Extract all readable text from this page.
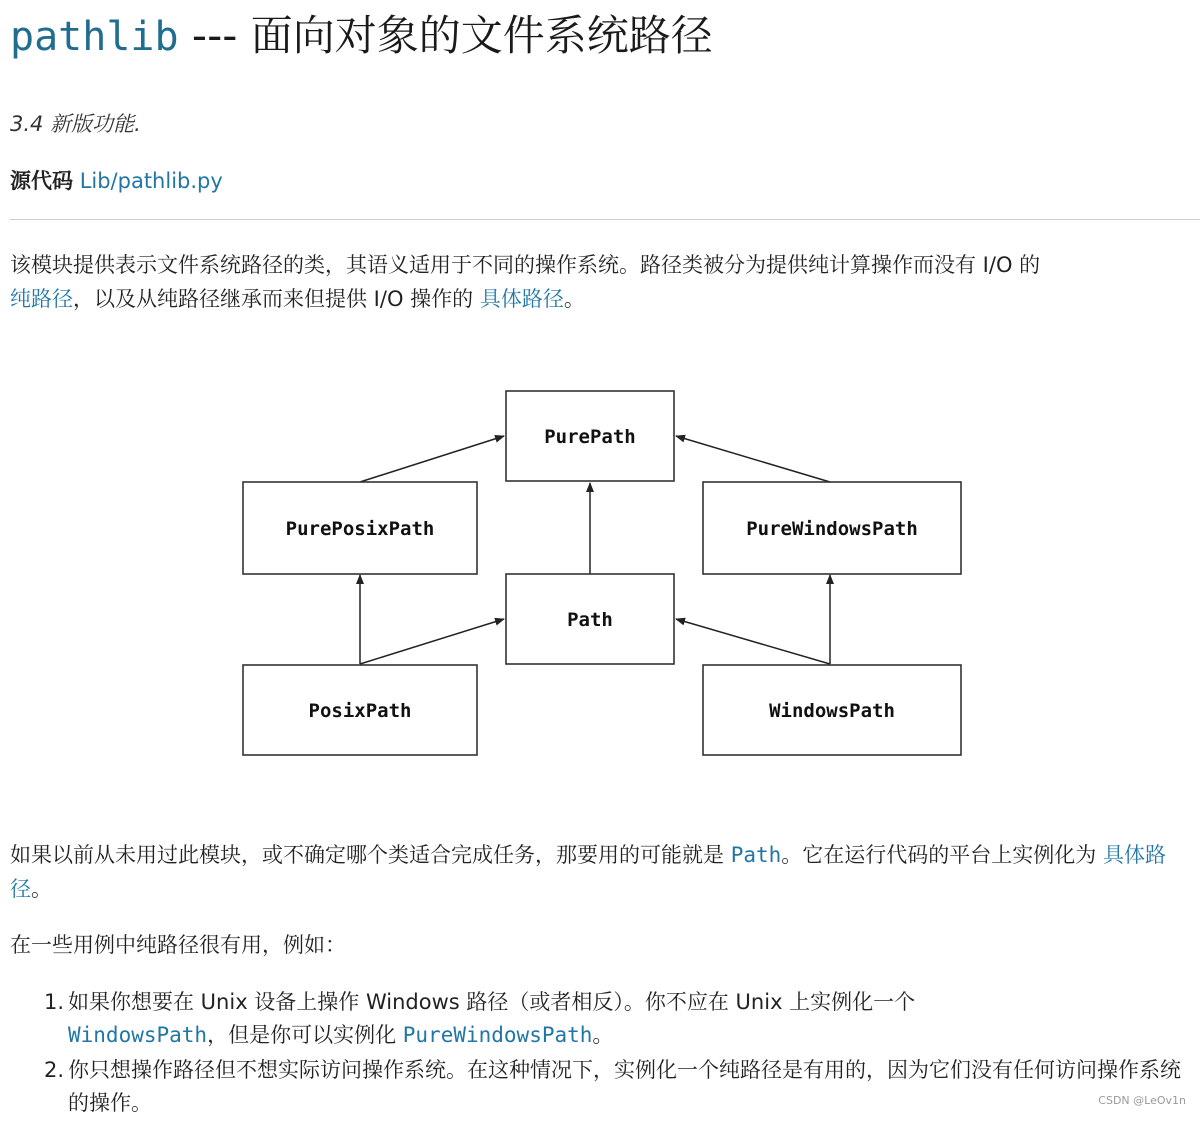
pathlib --- 面向对象的文件系统路径
3.4 新版功能.
源代码 Lib/pathlib.py

该模块提供表示文件系统路径的类，其语义适用于不同的操作系统。路径类被分为提供纯计算操作而没有 I/O 的
纯路径，以及从纯路径继承而来但提供 I/O 操作的 具体路径。

PurePath
PurePosixPath	PureWindowsPath
Path
PosixPath	WindowsPath

如果以前从未用过此模块，或不确定哪个类适合完成任务，那要用的可能就是 Path。它在运行代码的平台上实例化为 具体路径。

在一些用例中纯路径很有用，例如：

1. 如果你想要在 Unix 设备上操作 Windows 路径（或者相反）。你不应在 Unix 上实例化一个
WindowsPath，但是你可以实例化 PureWindowsPath。
2. 你只想操作路径但不想实际访问操作系统。在这种情况下，实例化一个纯路径是有用的，因为它们没有任何访问操作系统的操作。	CSDN @LeOv1n
